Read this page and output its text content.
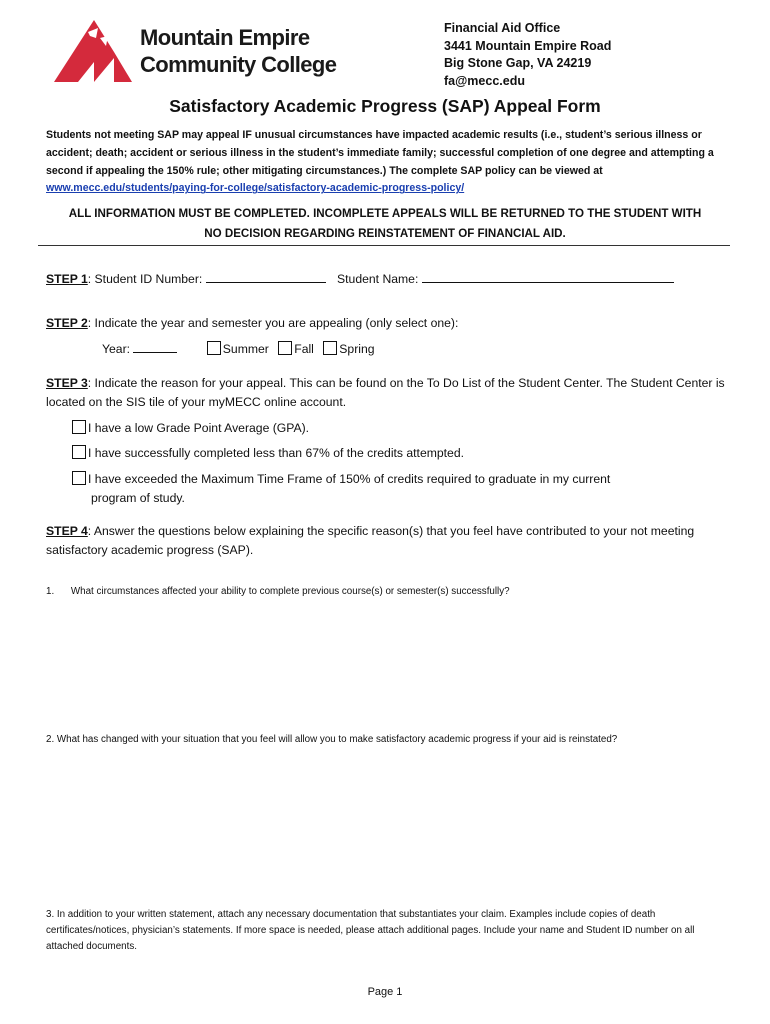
Mountain Empire
Community College
Financial Aid Office
3441 Mountain Empire Road
Big Stone Gap, VA 24219
fa@mecc.edu
Satisfactory Academic Progress (SAP) Appeal Form
Students not meeting SAP may appeal IF unusual circumstances have impacted academic results (i.e., student’s serious illness or accident; death; accident or serious illness in the student’s immediate family; successful completion of one degree and attempting a second if appealing the 150% rule; other mitigating circumstances.) The complete SAP policy can be viewed at www.mecc.edu/students/paying-for-college/satisfactory-academic-progress-policy/
ALL INFORMATION MUST BE COMPLETED. INCOMPLETE APPEALS WILL BE RETURNED TO THE STUDENT WITH
NO DECISION REGARDING REINSTATEMENT OF FINANCIAL AID.
STEP 1: Student ID Number:	Student Name:
STEP 2: Indicate the year and semester you are appealing (only select one):
Year:	Summer Fall Spring
STEP 3: Indicate the reason for your appeal. This can be found on the To Do List of the Student Center. The Student Center is located on the SIS tile of your myMECC online account.
I have a low Grade Point Average (GPA).
I have successfully completed less than 67% of the credits attempted.
I have exceeded the Maximum Time Frame of 150% of credits required to graduate in my current
program of study.
STEP 4: Answer the questions below explaining the specific reason(s) that you feel have contributed to your not meeting satisfactory academic progress (SAP).
1. What circumstances affected your ability to complete previous course(s) or semester(s) successfully?
2. What has changed with your situation that you feel will allow you to make satisfactory academic progress if your aid is reinstated?
3. In addition to your written statement, attach any necessary documentation that substantiates your claim. Examples include copies of death certificates/notices, physician’s statements. If more space is needed, please attach additional pages. Include your name and Student ID number on all attached documents.
Page 1
